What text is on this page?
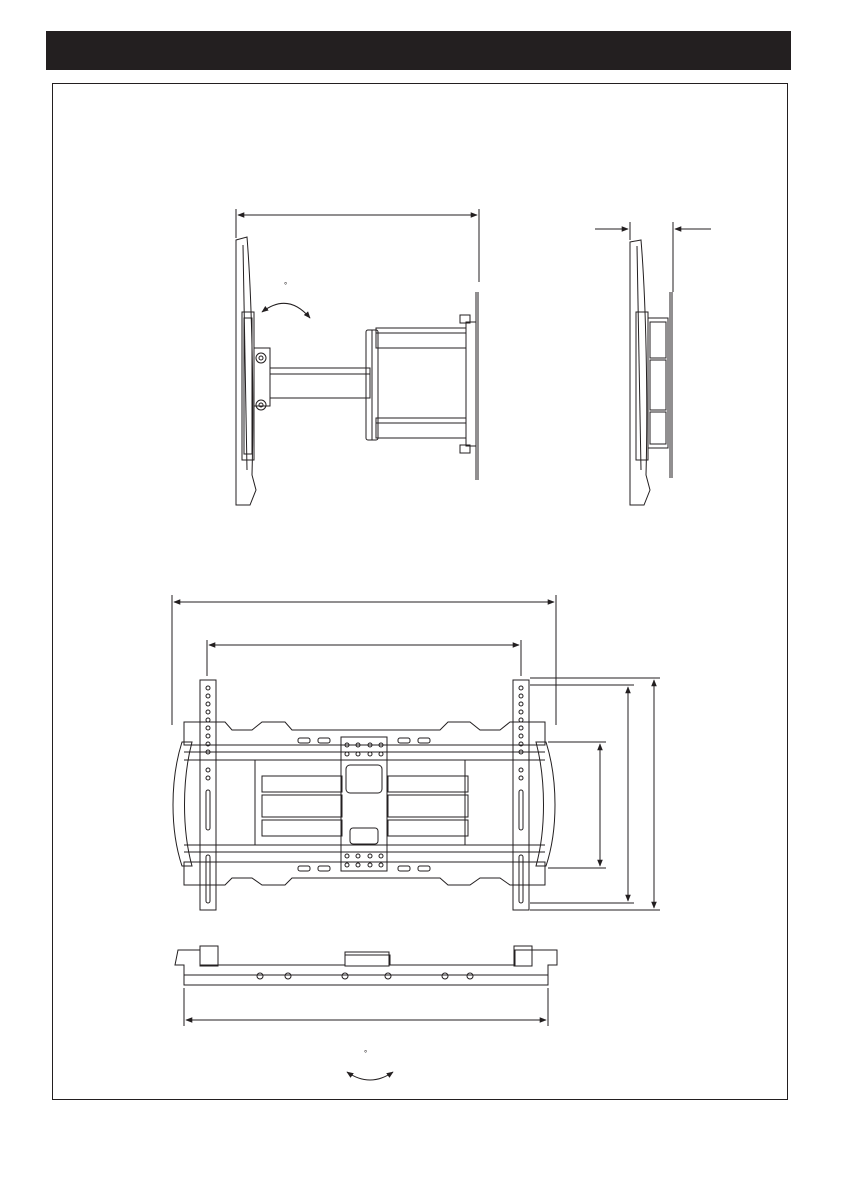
°
°
